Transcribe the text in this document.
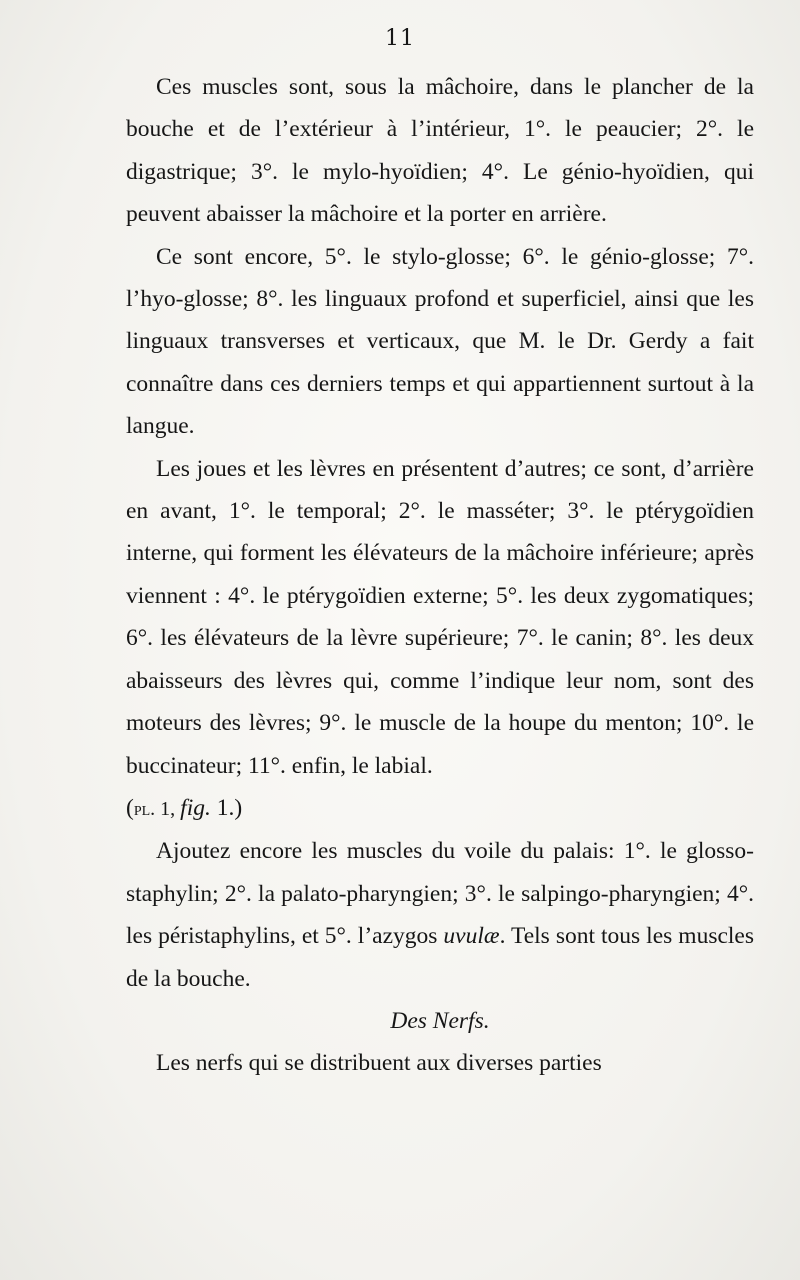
11

Ces muscles sont, sous la mâchoire, dans le plancher de la bouche et de l’extérieur à l’intérieur, 1°. le peaucier; 2°. le digastrique; 3°. le mylo-hyoïdien; 4°. Le génio-hyoïdien, qui peuvent abaisser la mâchoire et la porter en arrière.

Ce sont encore, 5°. le stylo-glosse; 6°. le génio-glosse; 7°. l’hyo-glosse; 8°. les linguaux profond et superficiel, ainsi que les linguaux transverses et verticaux, que M. le Dr. Gerdy a fait connaître dans ces derniers temps et qui appartiennent surtout à la langue.

Les joues et les lèvres en présentent d’autres; ce sont, d’arrière en avant, 1°. le temporal; 2°. le masséter; 3°. le ptérygoïdien interne, qui forment les élévateurs de la mâchoire inférieure; après viennent : 4°. le ptérygoïdien externe; 5°. les deux zygomatiques; 6°. les élévateurs de la lèvre supérieure; 7°. le canin; 8°. les deux abaisseurs des lèvres qui, comme l’indique leur nom, sont des moteurs des lèvres; 9°. le muscle de la houpe du menton; 10°. le buccinateur; 11°. enfin, le labial.

(pl. 1, fig. 1.)

Ajoutez encore les muscles du voile du palais: 1°. le glosso-staphylin; 2°. la palato-pharyngien; 3°. le salpingo-pharyngien; 4°. les péristaphylins, et 5°. l’azygos uvulæ. Tels sont tous les muscles de la bouche.

Des Nerfs.

Les nerfs qui se distribuent aux diverses parties
